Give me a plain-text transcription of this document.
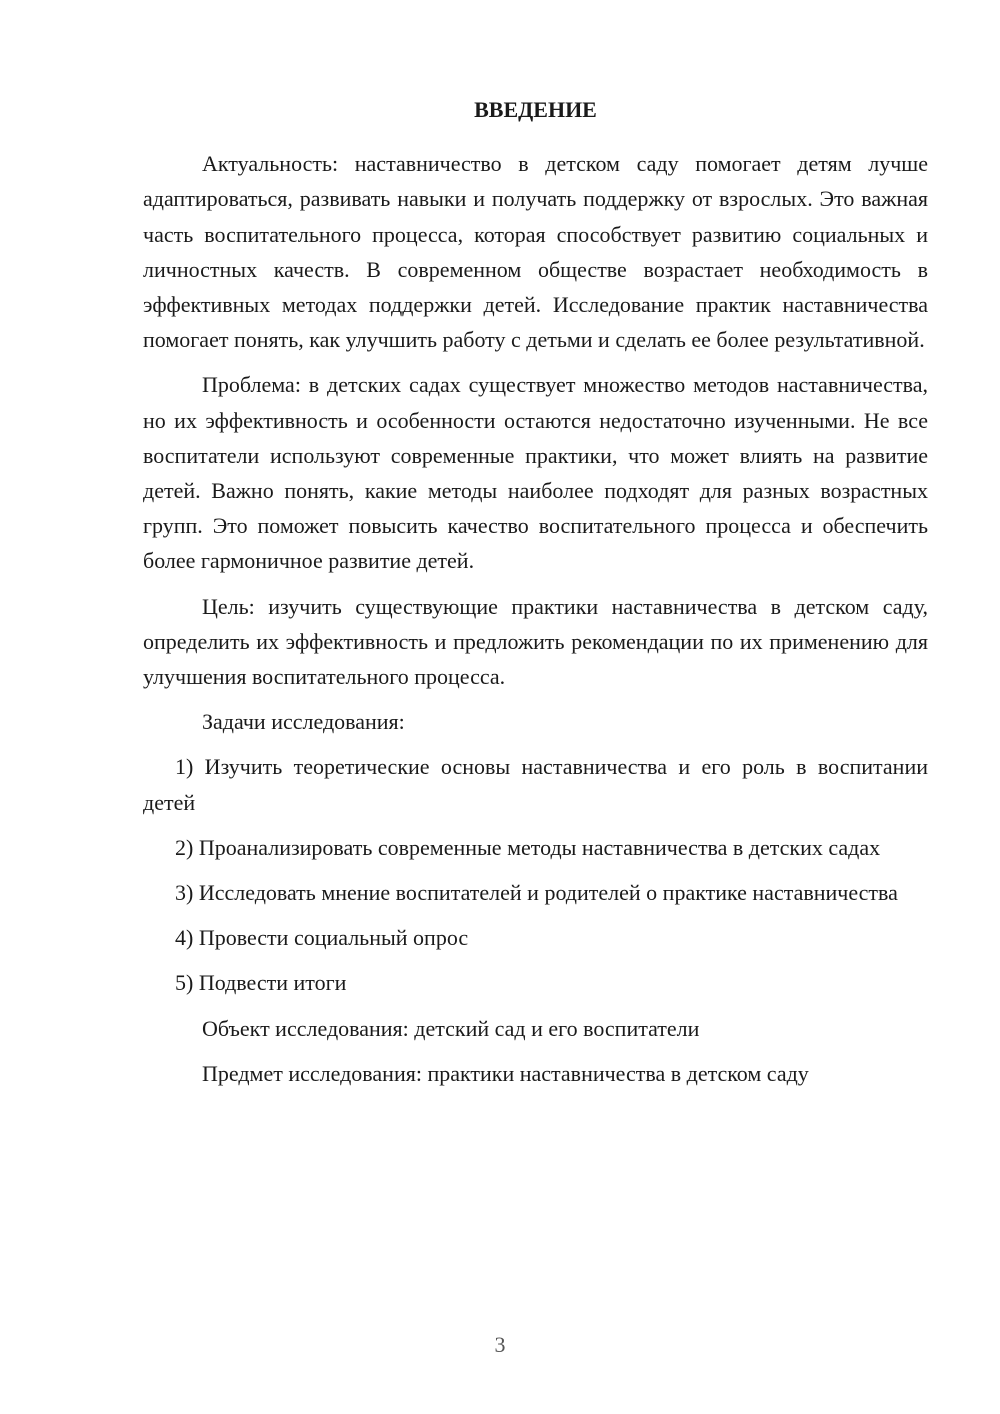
ВВЕДЕНИЕ

Актуальность: наставничество в детском саду помогает детям лучше адаптироваться, развивать навыки и получать поддержку от взрослых. Это важная часть воспитательного процесса, которая способствует развитию социальных и личностных качеств. В современном обществе возрастает необходимость в эффективных методах поддержки детей. Исследование практик наставничества помогает понять, как улучшить работу с детьми и сделать ее более результативной.

Проблема: в детских садах существует множество методов наставничества, но их эффективность и особенности остаются недостаточно изученными. Не все воспитатели используют современные практики, что может влиять на развитие детей. Важно понять, какие методы наиболее подходят для разных возрастных групп. Это поможет повысить качество воспитательного процесса и обеспечить более гармоничное развитие детей.

Цель: изучить существующие практики наставничества в детском саду, определить их эффективность и предложить рекомендации по их применению для улучшения воспитательного процесса.

Задачи исследования:

1) Изучить теоретические основы наставничества и его роль в воспитании детей

2) Проанализировать современные методы наставничества в детских садах

3) Исследовать мнение воспитателей и родителей о практике наставничества

4) Провести социальный опрос

5) Подвести итоги

Объект исследования: детский сад и его воспитатели

Предмет исследования: практики наставничества в детском саду

3
